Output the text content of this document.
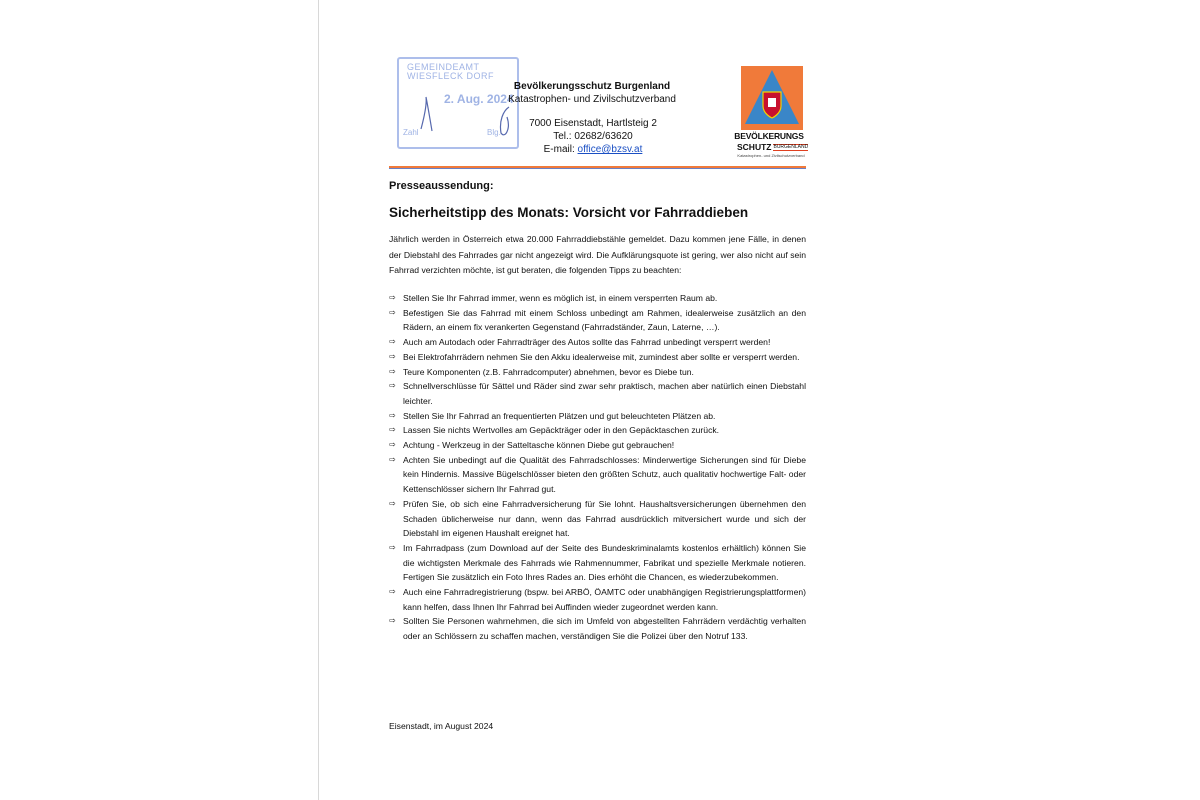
GEMEINDEAMT
WIESFLECK DORF
2. Aug. 2024
Zahl	Blg.
Bevölkerungsschutz Burgenland
Katastrophen- und Zivilschutzverband
7000 Eisenstadt, Hartlsteig 2
Tel.: 02682/63620
E-mail: office@bzsv.at
BEVÖLKERUNGS
SCHUTZ BURGENLAND
Katastrophen- und Zivilschutzverband
Presseaussendung:
Sicherheitstipp des Monats: Vorsicht vor Fahrraddieben
Jährlich werden in Österreich etwa 20.000 Fahrraddiebstähle gemeldet. Dazu kommen jene Fälle, in denen der Diebstahl des Fahrrades gar nicht angezeigt wird. Die Aufklärungsquote ist gering, wer also nicht auf sein Fahrrad verzichten möchte, ist gut beraten, die folgenden Tipps zu beachten:
⇨ Stellen Sie Ihr Fahrrad immer, wenn es möglich ist, in einem versperrten Raum ab.
⇨ Befestigen Sie das Fahrrad mit einem Schloss unbedingt am Rahmen, idealerweise zusätzlich an den Rädern, an einem fix verankerten Gegenstand (Fahrradständer, Zaun, Laterne, …).
⇨ Auch am Autodach oder Fahrradträger des Autos sollte das Fahrrad unbedingt versperrt werden!
⇨ Bei Elektrofahrrädern nehmen Sie den Akku idealerweise mit, zumindest aber sollte er versperrt werden.
⇨ Teure Komponenten (z.B. Fahrradcomputer) abnehmen, bevor es Diebe tun.
⇨ Schnellverschlüsse für Sättel und Räder sind zwar sehr praktisch, machen aber natürlich einen Diebstahl leichter.
⇨ Stellen Sie Ihr Fahrrad an frequentierten Plätzen und gut beleuchteten Plätzen ab.
⇨ Lassen Sie nichts Wertvolles am Gepäckträger oder in den Gepäcktaschen zurück.
⇨ Achtung - Werkzeug in der Satteltasche können Diebe gut gebrauchen!
⇨ Achten Sie unbedingt auf die Qualität des Fahrradschlosses: Minderwertige Sicherungen sind für Diebe kein Hindernis. Massive Bügelschlösser bieten den größten Schutz, auch qualitativ hochwertige Falt- oder Kettenschlösser sichern Ihr Fahrrad gut.
⇨ Prüfen Sie, ob sich eine Fahrradversicherung für Sie lohnt. Haushaltsversicherungen übernehmen den Schaden üblicherweise nur dann, wenn das Fahrrad ausdrücklich mitversichert wurde und sich der Diebstahl im eigenen Haushalt ereignet hat.
⇨ Im Fahrradpass (zum Download auf der Seite des Bundeskriminalamts kostenlos erhältlich) können Sie die wichtigsten Merkmale des Fahrrads wie Rahmennummer, Fabrikat und spezielle Merkmale notieren. Fertigen Sie zusätzlich ein Foto Ihres Rades an. Dies erhöht die Chancen, es wiederzubekommen.
⇨ Auch eine Fahrradregistrierung (bspw. bei ARBÖ, ÖAMTC oder unabhängigen Registrierungsplattformen) kann helfen, dass Ihnen Ihr Fahrrad bei Auffinden wieder zugeordnet werden kann.
⇨ Sollten Sie Personen wahrnehmen, die sich im Umfeld von abgestellten Fahrrädern verdächtig verhalten oder an Schlössern zu schaffen machen, verständigen Sie die Polizei über den Notruf 133.
Eisenstadt, im August 2024
